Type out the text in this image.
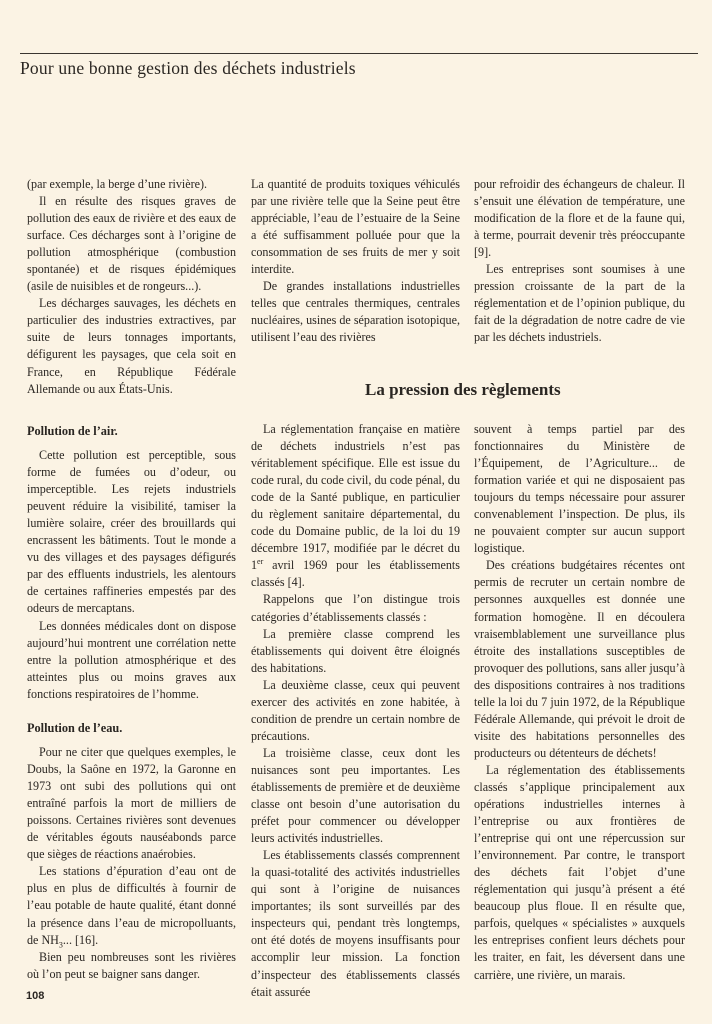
Pour une bonne gestion des déchets industriels

(par exemple, la berge d’une rivière).

Il en résulte des risques graves de pollution des eaux de rivière et des eaux de surface. Ces décharges sont à l’origine de pollution atmosphérique (combustion spontanée) et de risques épidémiques (asile de nuisibles et de rongeurs...).

Les décharges sauvages, les déchets en particulier des industries extractives, par suite de leurs tonnages importants, défigurent les paysages, que cela soit en France, en République Fédérale Allemande ou aux États-Unis.

Pollution de l’air.

Cette pollution est perceptible, sous forme de fumées ou d’odeur, ou imperceptible. Les rejets industriels peuvent réduire la visibilité, tamiser la lumière solaire, créer des brouillards qui encrassent les bâtiments. Tout le monde a vu des villages et des paysages défigurés par des effluents industriels, les alentours de certaines raffineries empestés par des odeurs de mercaptans.

Les données médicales dont on dispose aujourd’hui montrent une corrélation nette entre la pollution atmosphérique et des atteintes plus ou moins graves aux fonctions respiratoires de l’homme.

Pollution de l’eau.

Pour ne citer que quelques exemples, le Doubs, la Saône en 1972, la Garonne en 1973 ont subi des pollutions qui ont entraîné parfois la mort de milliers de poissons. Certaines rivières sont devenues de véritables égouts nauséabonds parce que sièges de réactions anaérobies.

Les stations d’épuration d’eau ont de plus en plus de difficultés à fournir de l’eau potable de haute qualité, étant donné la présence dans l’eau de micropolluants, de $NH_3$... [16].

Bien peu nombreuses sont les rivières où l’on peut se baigner sans danger.

La quantité de produits toxiques véhiculés par une rivière telle que la Seine peut être appréciable, l’eau de l’estuaire de la Seine a été suffisamment polluée pour que la consommation de ses fruits de mer y soit interdite.

De grandes installations industrielles telles que centrales thermiques, centrales nucléaires, usines de séparation isotopique, utilisent l’eau des rivières

La pression des règlements

La réglementation française en matière de déchets industriels n’est pas véritablement spécifique. Elle est issue du code rural, du code civil, du code pénal, du code de la Santé publique, en particulier du règlement sanitaire départemental, du code du Domaine public, de la loi du 19 décembre 1917, modifiée par le décret du 1er avril 1969 pour les établissements classés [4].

Rappelons que l’on distingue trois catégories d’établissements classés :

La première classe comprend les établissements qui doivent être éloignés des habitations.

La deuxième classe, ceux qui peuvent exercer des activités en zone habitée, à condition de prendre un certain nombre de précautions.

La troisième classe, ceux dont les nuisances sont peu importantes. Les établissements de première et de deuxième classe ont besoin d’une autorisation du préfet pour commencer ou développer leurs activités industrielles.

Les établissements classés comprennent la quasi-totalité des activités industrielles qui sont à l’origine de nuisances importantes; ils sont surveillés par des inspecteurs qui, pendant très longtemps, ont été dotés de moyens insuffisants pour accomplir leur mission. La fonction d’inspecteur des établissements classés était assurée

pour refroidir des échangeurs de chaleur. Il s’ensuit une élévation de température, une modification de la flore et de la faune qui, à terme, pourrait devenir très préoccupante [9].

Les entreprises sont soumises à une pression croissante de la part de la réglementation et de l’opinion publique, du fait de la dégradation de notre cadre de vie par les déchets industriels.

souvent à temps partiel par des fonctionnaires du Ministère de l’Équipement, de l’Agriculture... de formation variée et qui ne disposaient pas toujours du temps nécessaire pour assurer convenablement l’inspection. De plus, ils ne pouvaient compter sur aucun support logistique.

Des créations budgétaires récentes ont permis de recruter un certain nombre de personnes auxquelles est donnée une formation homogène. Il en découlera vraisemblablement une surveillance plus étroite des installations susceptibles de provoquer des pollutions, sans aller jusqu’à des dispositions contraires à nos traditions telle la loi du 7 juin 1972, de la République Fédérale Allemande, qui prévoit le droit de visite des habitations personnelles des producteurs ou détenteurs de déchets!

La réglementation des établissements classés s’applique principalement aux opérations industrielles internes à l’entreprise ou aux frontières de l’entreprise qui ont une répercussion sur l’environnement. Par contre, le transport des déchets fait l’objet d’une réglementation qui jusqu’à présent a été beaucoup plus floue. Il en résulte que, parfois, quelques « spécialistes » auxquels les entreprises confient leurs déchets pour les traiter, en fait, les déversent dans une carrière, une rivière, un marais.

108
